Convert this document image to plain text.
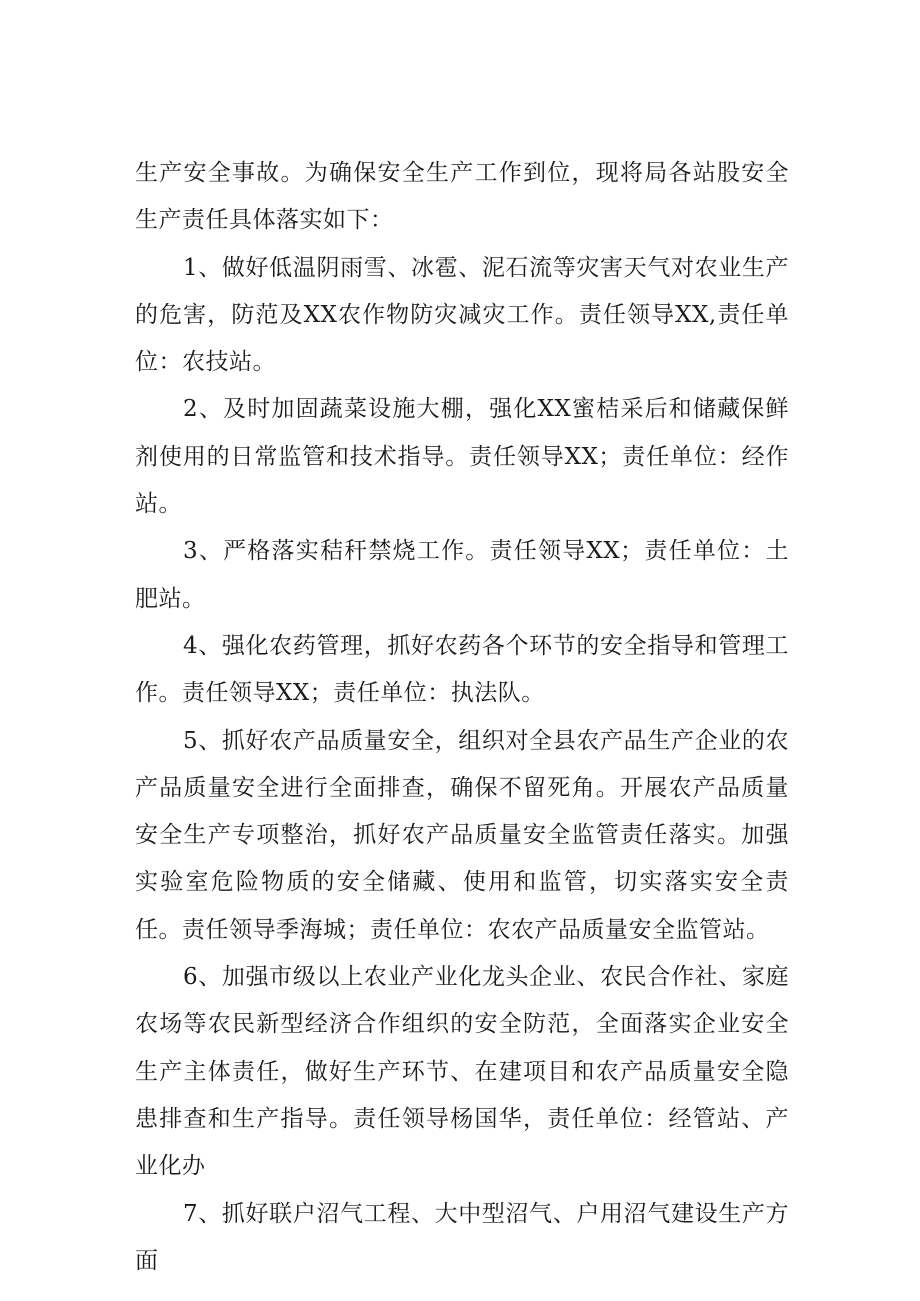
生产安全事故。为确保安全生产工作到位，现将局各站股安全生产责任具体落实如下：

1、做好低温阴雨雪、冰雹、泥石流等灾害天气对农业生产的危害，防范及XX农作物防灾减灾工作。责任领导XX,责任单位：农技站。

2、及时加固蔬菜设施大棚，强化XX蜜桔采后和储藏保鲜剂使用的日常监管和技术指导。责任领导XX；责任单位：经作站。

3、严格落实秸秆禁烧工作。责任领导XX；责任单位：土肥站。

4、强化农药管理，抓好农药各个环节的安全指导和管理工作。责任领导XX；责任单位：执法队。

5、抓好农产品质量安全，组织对全县农产品生产企业的农产品质量安全进行全面排查，确保不留死角。开展农产品质量安全生产专项整治，抓好农产品质量安全监管责任落实。加强实验室危险物质的安全储藏、使用和监管，切实落实安全责任。责任领导季海城；责任单位：农农产品质量安全监管站。

6、加强市级以上农业产业化龙头企业、农民合作社、家庭农场等农民新型经济合作组织的安全防范，全面落实企业安全生产主体责任，做好生产环节、在建项目和农产品质量安全隐患排查和生产指导。责任领导杨国华，责任单位：经管站、产业化办

7、抓好联户沼气工程、大中型沼气、户用沼气建设生产方面
